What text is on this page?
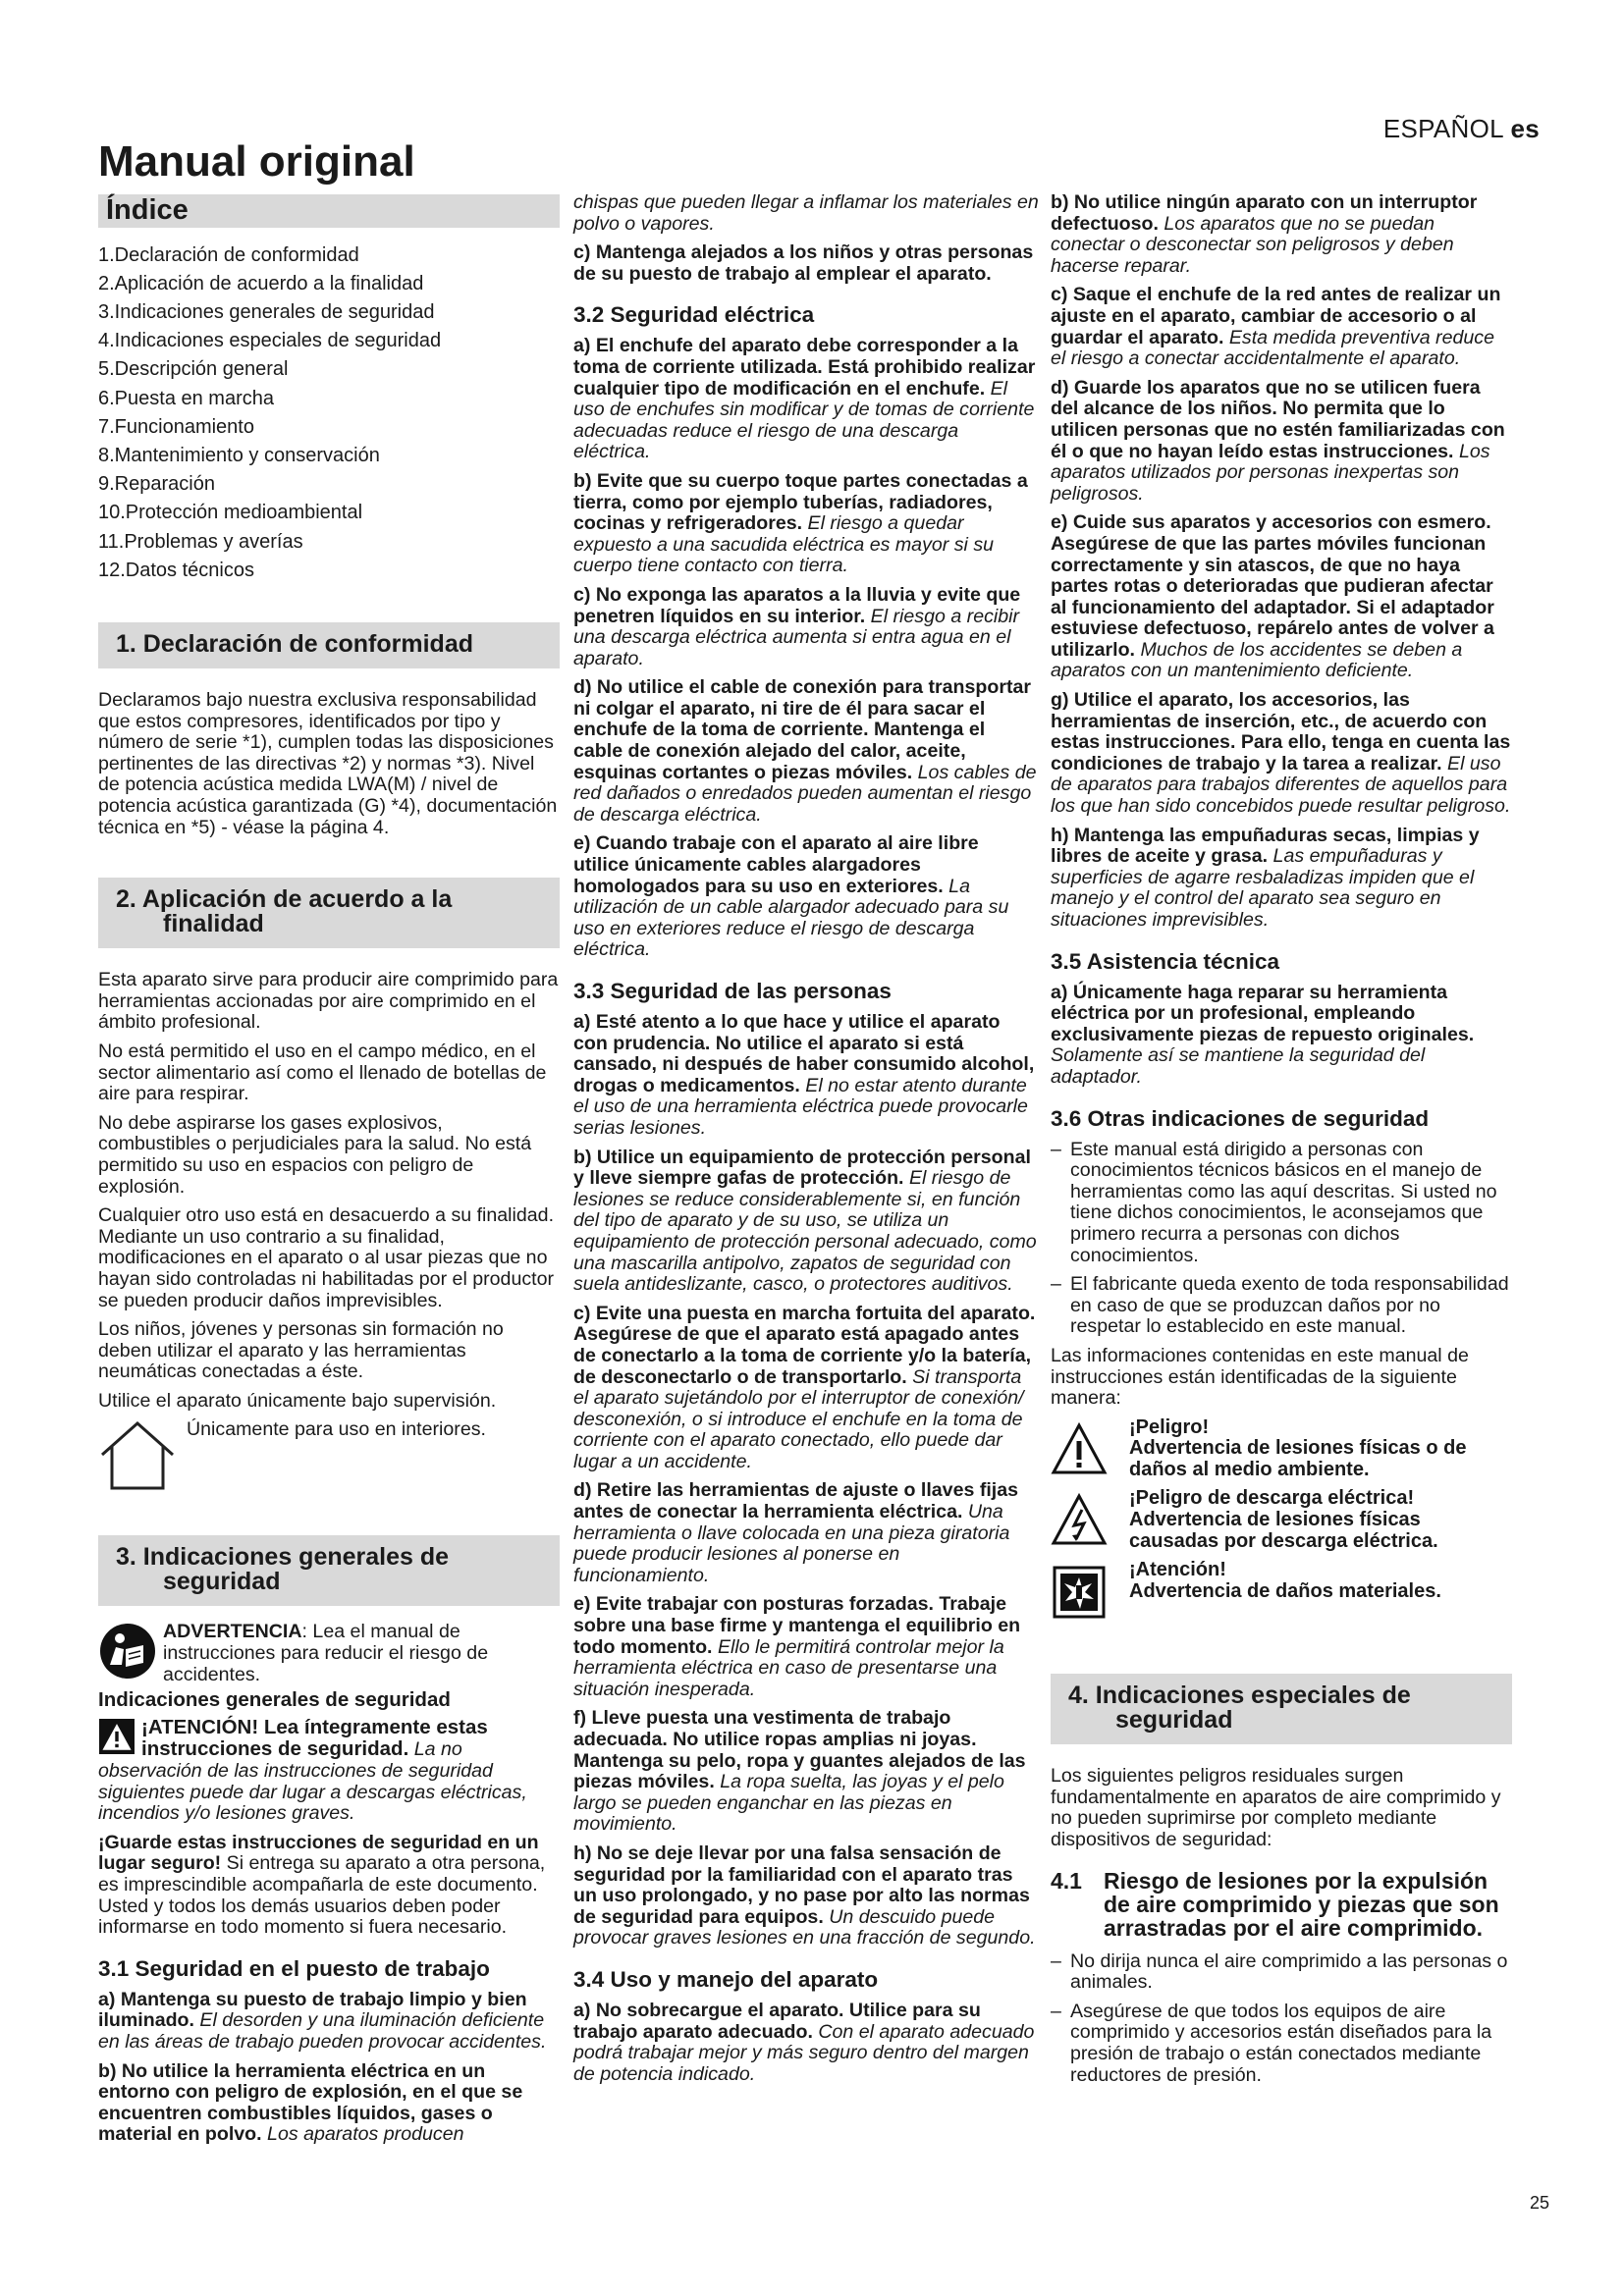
ESPAÑOL es
Manual original
Índice
1.Declaración de conformidad
2.Aplicación de acuerdo a la finalidad
3.Indicaciones generales de seguridad
4.Indicaciones especiales de seguridad
5.Descripción general
6.Puesta en marcha
7.Funcionamiento
8.Mantenimiento y conservación
9.Reparación
10.Protección medioambiental
11.Problemas y averías
12.Datos técnicos
1. Declaración de conformidad

Declaramos bajo nuestra exclusiva responsabilidad que estos compresores, identificados por tipo y número de serie *1), cumplen todas las disposiciones pertinentes de las directivas *2) y normas *3). Nivel de potencia acústica medida LWA(M) / nivel de potencia acústica garantizada (G) *4), documentación técnica en *5) - véase la página 4.

2. Aplicación de acuerdo a la
finalidad

Esta aparato sirve para producir aire comprimido para herramientas accionadas por aire comprimido en el ámbito profesional.

No está permitido el uso en el campo médico, en el sector alimentario así como el llenado de botellas de aire para respirar.

No debe aspirarse los gases explosivos, combustibles o perjudiciales para la salud. No está permitido su uso en espacios con peligro de explosión.

Cualquier otro uso está en desacuerdo a su finalidad. Mediante un uso contrario a su finalidad, modificaciones en el aparato o al usar piezas que no hayan sido controladas ni habilitadas por el productor se pueden producir daños imprevisibles.

Los niños, jóvenes y personas sin formación no deben utilizar el aparato y las herramientas neumáticas conectadas a éste.

Utilice el aparato únicamente bajo supervisión.

Únicamente para uso en interiores.
3. Indicaciones generales de
seguridad

ADVERTENCIA: Lea el manual de instrucciones para reducir el riesgo de accidentes.

Indicaciones generales de seguridad

¡ATENCIÓN! Lea íntegramente estas instrucciones de seguridad. La no observación de las instrucciones de seguridad siguientes puede dar lugar a descargas eléctricas, incendios y/o lesiones graves.

¡Guarde estas instrucciones de seguridad en un lugar seguro! Si entrega su aparato a otra persona, es imprescindible acompañarla de este documento. Usted y todos los demás usuarios deben poder informarse en todo momento si fuera necesario.

3.1 Seguridad en el puesto de trabajo

a) Mantenga su puesto de trabajo limpio y bien iluminado. El desorden y una iluminación deficiente en las áreas de trabajo pueden provocar accidentes.

b) No utilice la herramienta eléctrica en un entorno con peligro de explosión, en el que se encuentren combustibles líquidos, gases o material en polvo. Los aparatos producen

chispas que pueden llegar a inflamar los materiales en polvo o vapores.

c) Mantenga alejados a los niños y otras personas de su puesto de trabajo al emplear el aparato.

3.2 Seguridad eléctrica

a) El enchufe del aparato debe corresponder a la toma de corriente utilizada. Está prohibido realizar cualquier tipo de modificación en el enchufe. El uso de enchufes sin modificar y de tomas de corriente adecuadas reduce el riesgo de una descarga eléctrica.

b) Evite que su cuerpo toque partes conectadas a tierra, como por ejemplo tuberías, radiadores, cocinas y refrigeradores. El riesgo a quedar expuesto a una sacudida eléctrica es mayor si su cuerpo tiene contacto con tierra.

c) No exponga las aparatos a la lluvia y evite que penetren líquidos en su interior. El riesgo a recibir una descarga eléctrica aumenta si entra agua en el aparato.

d) No utilice el cable de conexión para transportar ni colgar el aparato, ni tire de él para sacar el enchufe de la toma de corriente. Mantenga el cable de conexión alejado del calor, aceite, esquinas cortantes o piezas móviles. Los cables de red dañados o enredados pueden aumentan el riesgo de descarga eléctrica.

e) Cuando trabaje con el aparato al aire libre utilice únicamente cables alargadores homologados para su uso en exteriores. La utilización de un cable alargador adecuado para su uso en exteriores reduce el riesgo de descarga eléctrica.

3.3 Seguridad de las personas

a) Esté atento a lo que hace y utilice el aparato con prudencia. No utilice el aparato si está cansado, ni después de haber consumido alcohol, drogas o medicamentos. El no estar atento durante el uso de una herramienta eléctrica puede provocarle serias lesiones.

b) Utilice un equipamiento de protección personal y lleve siempre gafas de protección. El riesgo de lesiones se reduce considerablemente si, en función del tipo de aparato y de su uso, se utiliza un equipamiento de protección personal adecuado, como una mascarilla antipolvo, zapatos de seguridad con suela antideslizante, casco, o protectores auditivos.

c) Evite una puesta en marcha fortuita del aparato. Asegúrese de que el aparato está apagado antes de conectarlo a la toma de corriente y/o la batería, de desconectarlo o de transportarlo. Si transporta el aparato sujetándolo por el interruptor de conexión/ desconexión, o si introduce el enchufe en la toma de corriente con el aparato conectado, ello puede dar lugar a un accidente.

d) Retire las herramientas de ajuste o llaves fijas antes de conectar la herramienta eléctrica. Una herramienta o llave colocada en una pieza giratoria puede producir lesiones al ponerse en funcionamiento.

e) Evite trabajar con posturas forzadas. Trabaje sobre una base firme y mantenga el equilibrio en todo momento. Ello le permitirá controlar mejor la herramienta eléctrica en caso de presentarse una situación inesperada.

f) Lleve puesta una vestimenta de trabajo adecuada. No utilice ropas amplias ni joyas. Mantenga su pelo, ropa y guantes alejados de las piezas móviles. La ropa suelta, las joyas y el pelo largo se pueden enganchar en las piezas en movimiento.

h) No se deje llevar por una falsa sensación de seguridad por la familiaridad con el aparato tras un uso prolongado, y no pase por alto las normas de seguridad para equipos. Un descuido puede provocar graves lesiones en una fracción de segundo.

3.4 Uso y manejo del aparato

a) No sobrecargue el aparato. Utilice para su trabajo aparato adecuado. Con el aparato adecuado podrá trabajar mejor y más seguro dentro del margen de potencia indicado.

b) No utilice ningún aparato con un interruptor defectuoso. Los aparatos que no se puedan conectar o desconectar son peligrosos y deben hacerse reparar.

c) Saque el enchufe de la red antes de realizar un ajuste en el aparato, cambiar de accesorio o al guardar el aparato. Esta medida preventiva reduce el riesgo a conectar accidentalmente el aparato.

d) Guarde los aparatos que no se utilicen fuera del alcance de los niños. No permita que lo utilicen personas que no estén familiarizadas con él o que no hayan leído estas instrucciones. Los aparatos utilizados por personas inexpertas son peligrosos.

e) Cuide sus aparatos y accesorios con esmero. Asegúrese de que las partes móviles funcionan correctamente y sin atascos, de que no haya partes rotas o deterioradas que pudieran afectar al funcionamiento del adaptador. Si el adaptador estuviese defectuoso, repárelo antes de volver a utilizarlo. Muchos de los accidentes se deben a aparatos con un mantenimiento deficiente.

g) Utilice el aparato, los accesorios, las herramientas de inserción, etc., de acuerdo con estas instrucciones. Para ello, tenga en cuenta las condiciones de trabajo y la tarea a realizar. El uso de aparatos para trabajos diferentes de aquellos para los que han sido concebidos puede resultar peligroso.

h) Mantenga las empuñaduras secas, limpias y libres de aceite y grasa. Las empuñaduras y superficies de agarre resbaladizas impiden que el manejo y el control del aparato sea seguro en situaciones imprevisibles.

3.5 Asistencia técnica

a) Únicamente haga reparar su herramienta eléctrica por un profesional, empleando exclusivamente piezas de repuesto originales. Solamente así se mantiene la seguridad del adaptador.

3.6 Otras indicaciones de seguridad
– Este manual está dirigido a personas con conocimientos técnicos básicos en el manejo de herramientas como las aquí descritas. Si usted no tiene dichos conocimientos, le aconsejamos que primero recurra a personas con dichos conocimientos.
– El fabricante queda exento de toda responsabilidad en caso de que se produzcan daños por no respetar lo establecido en este manual.

Las informaciones contenidas en este manual de instrucciones están identificadas de la siguiente manera:

¡Peligro!
Advertencia de lesiones físicas o de daños al medio ambiente.
¡Peligro de descarga eléctrica!
Advertencia de lesiones físicas causadas por descarga eléctrica.
¡Atención!
Advertencia de daños materiales.
4. Indicaciones especiales de
seguridad

Los siguientes peligros residuales surgen fundamentalmente en aparatos de aire comprimido y no pueden suprimirse por completo mediante dispositivos de seguridad:

4.1 Riesgo de lesiones por la expulsión de aire comprimido y piezas que son arrastradas por el aire comprimido.
– No dirija nunca el aire comprimido a las personas o animales.
– Asegúrese de que todos los equipos de aire comprimido y accesorios están diseñados para la presión de trabajo o están conectados mediante reductores de presión.
25
